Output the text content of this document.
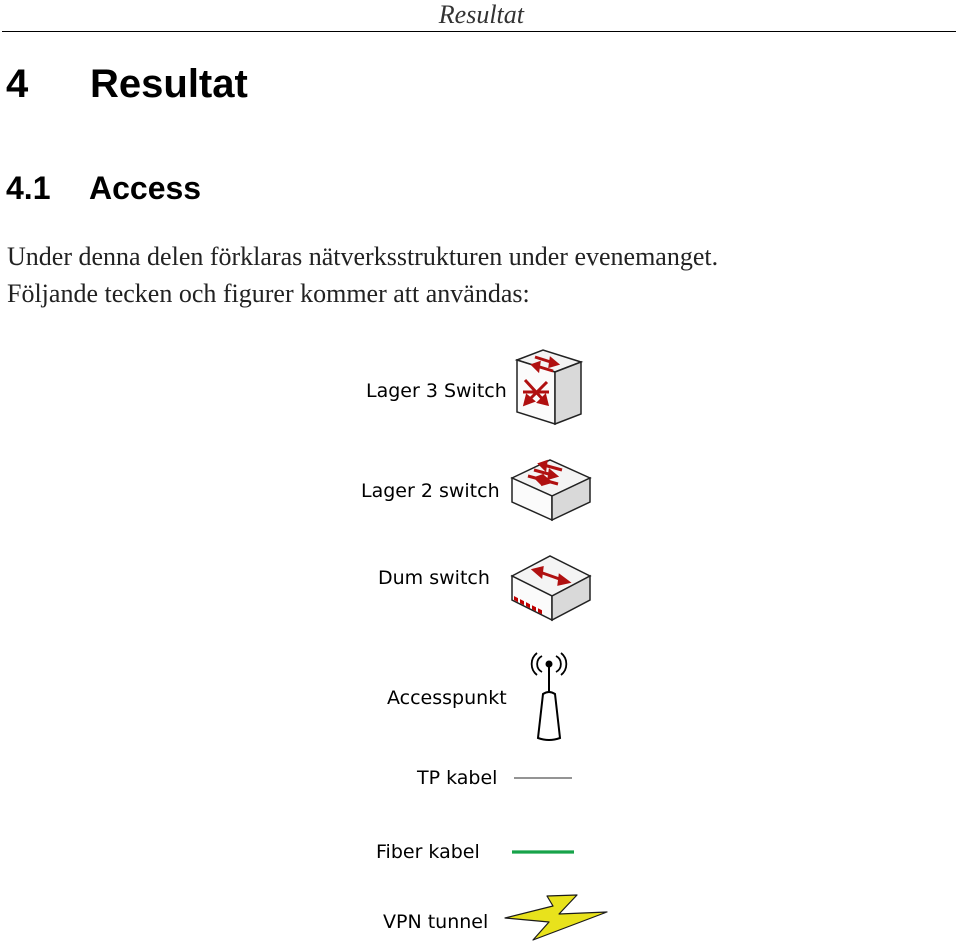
Resultat
4 Resultat
4.1 Access
Under denna delen förklaras nätverksstrukturen under evenemanget.
Följande tecken och figurer kommer att användas:
Lager 3 Switch
Lager 2 switch
Dum switch
Accesspunkt
TP kabel
Fiber kabel
VPN tunnel
